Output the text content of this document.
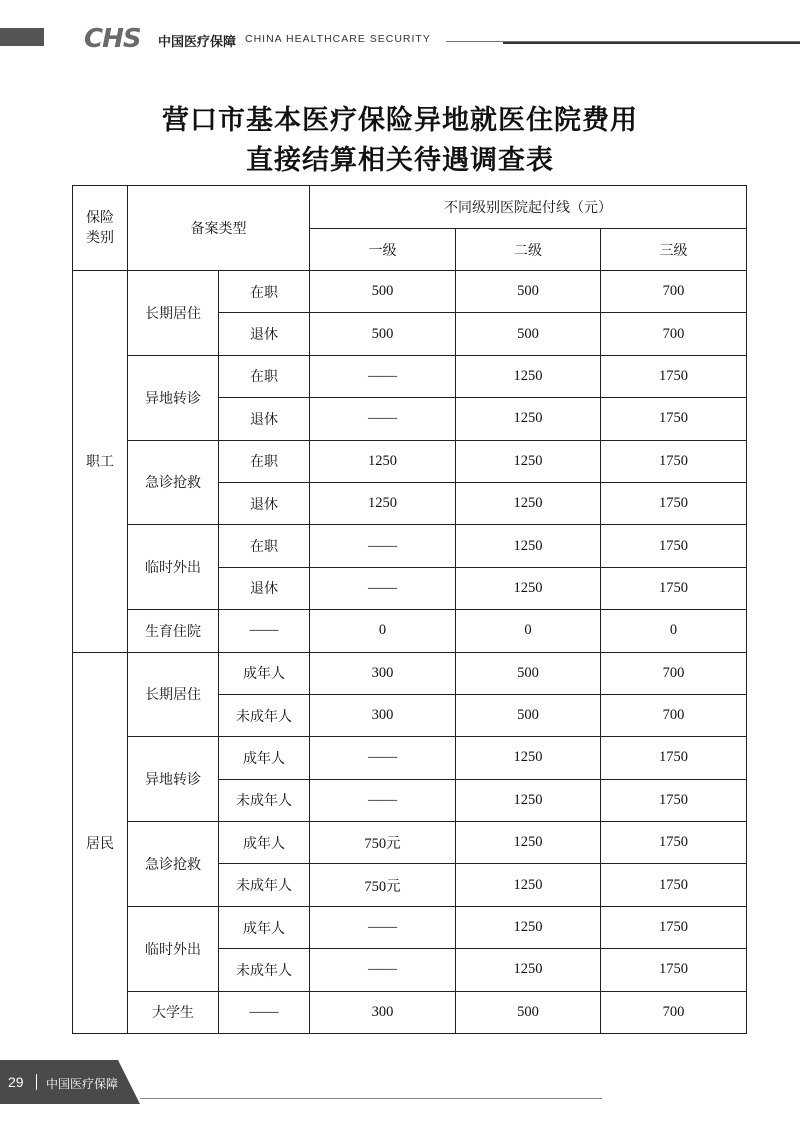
CHS 中国医疗保障 CHINA HEALTHCARE SECURITY
营口市基本医疗保险异地就医住院费用
直接结算相关待遇调查表
保险类别	备案类型		不同级别医院起付线（元）		
			一级	二级	三级
职工	长期居住	在职	500	500	700
		退休	500	500	700
	异地转诊	在职	——	1250	1750
		退休	——	1250	1750
	急诊抢救	在职	1250	1250	1750
		退休	1250	1250	1750
	临时外出	在职	——	1250	1750
		退休	——	1250	1750
	生育住院	——	0	0	0
居民	长期居住	成年人	300	500	700
		未成年人	300	500	700
	异地转诊	成年人	——	1250	1750
		未成年人	——	1250	1750
	急诊抢救	成年人	750元	1250	1750
		未成年人	750元	1250	1750
	临时外出	成年人	——	1250	1750
		未成年人	——	1250	1750
	大学生	——	300	500	700
29 中国医疗保障
